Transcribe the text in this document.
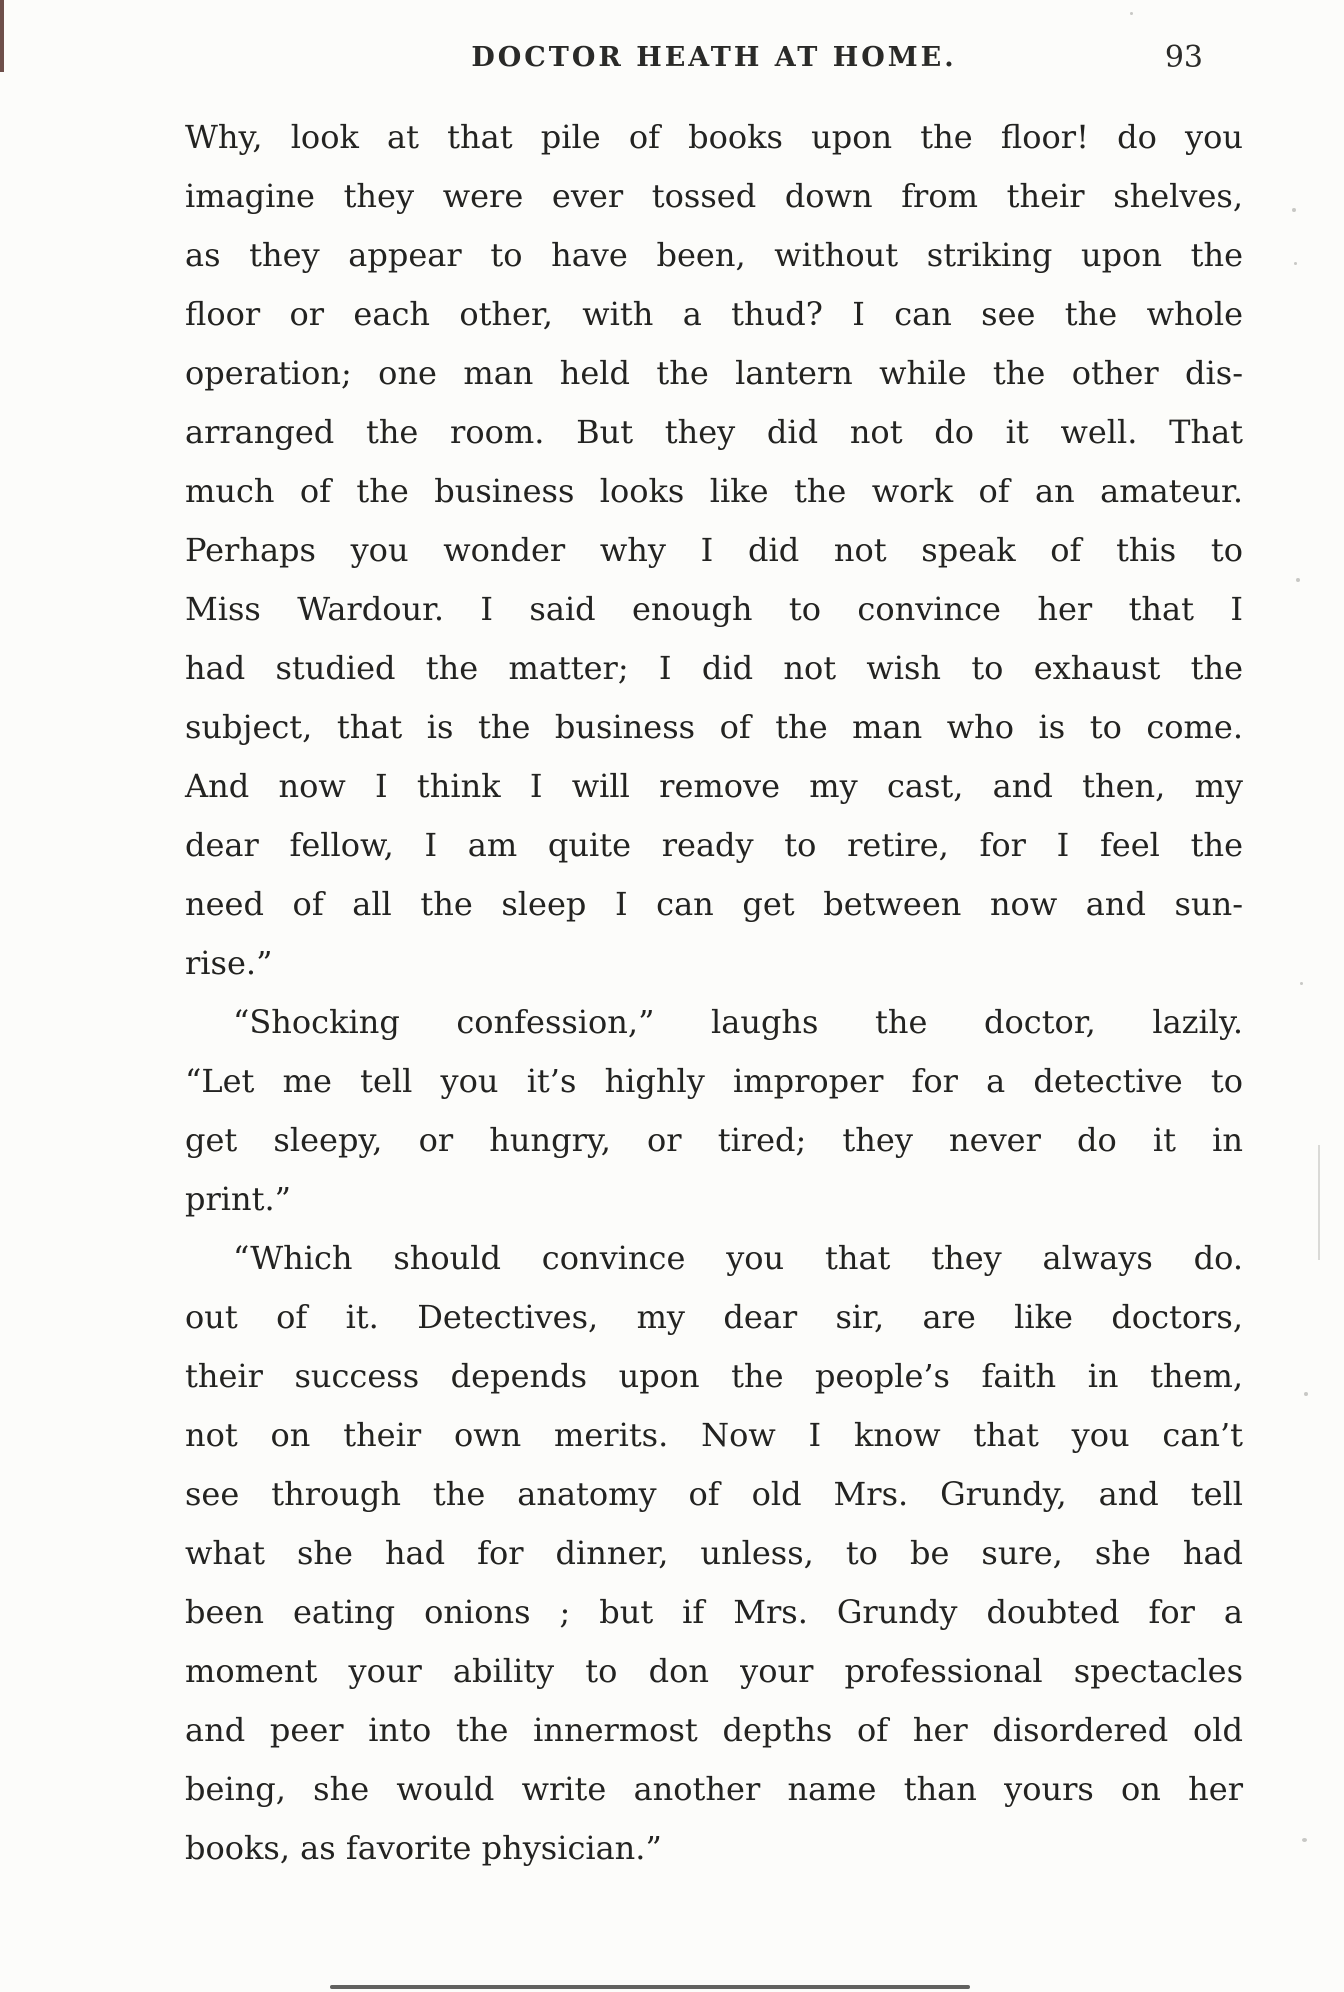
DOCTOR HEATH AT HOME.	93
Why, look at that pile of books upon the floor! do you
imagine they were ever tossed down from their shelves,
as they appear to have been, without striking upon the
floor or each other, with a thud? I can see the whole
operation; one man held the lantern while the other dis-
arranged the room. But they did not do it well. That
much of the business looks like the work of an amateur.
Perhaps you wonder why I did not speak of this to
Miss Wardour. I said enough to convince her that I
had studied the matter; I did not wish to exhaust the
subject, that is the business of the man who is to come.
And now I think I will remove my cast, and then, my
dear fellow, I am quite ready to retire, for I feel the
need of all the sleep I can get between now and sun-
rise.”
“Shocking confession,” laughs the doctor, lazily.
“Let me tell you it’s highly improper for a detective to
get sleepy, or hungry, or tired; they never do it in
print.”
“Which should convince you that they always do.
out of it. Detectives, my dear sir, are like doctors,
their success depends upon the people’s faith in them,
not on their own merits. Now I know that you can’t
see through the anatomy of old Mrs. Grundy, and tell
what she had for dinner, unless, to be sure, she had
been eating onions ; but if Mrs. Grundy doubted for a
moment your ability to don your professional spectacles
and peer into the innermost depths of her disordered old
being, she would write another name than yours on her
books, as favorite physician.”
